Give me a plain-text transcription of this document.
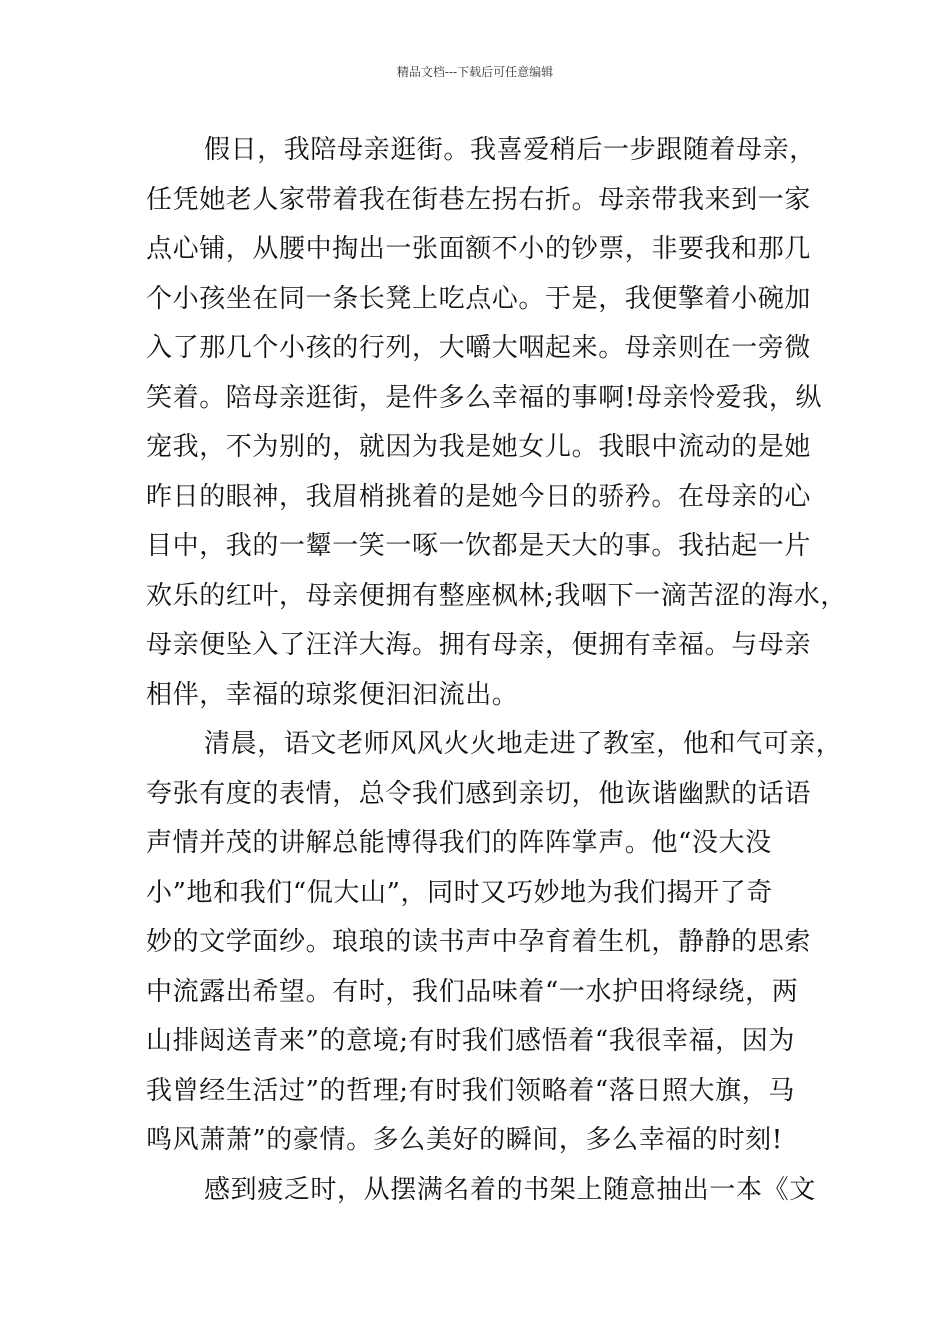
精品文档---下载后可任意编辑
假日，我陪母亲逛街。我喜爱稍后一步跟随着母亲，
任凭她老人家带着我在街巷左拐右折。母亲带我来到一家
点心铺，从腰中掏出一张面额不小的钞票，非要我和那几
个小孩坐在同一条长凳上吃点心。于是，我便擎着小碗加
入了那几个小孩的行列，大嚼大咽起来。母亲则在一旁微
笑着。陪母亲逛街，是件多么幸福的事啊!母亲怜爱我，纵
宠我，不为别的，就因为我是她女儿。我眼中流动的是她
昨日的眼神，我眉梢挑着的是她今日的骄矜。在母亲的心
目中，我的一颦一笑一啄一饮都是天大的事。我拈起一片
欢乐的红叶，母亲便拥有整座枫林;我咽下一滴苦涩的海水，
母亲便坠入了汪洋大海。拥有母亲，便拥有幸福。与母亲
相伴，幸福的琼浆便汩汩流出。
清晨，语文老师风风火火地走进了教室，他和气可亲，
夸张有度的表情，总令我们感到亲切，他诙谐幽默的话语
声情并茂的讲解总能博得我们的阵阵掌声。他“没大没
小”地和我们“侃大山”，同时又巧妙地为我们揭开了奇
妙的文学面纱。琅琅的读书声中孕育着生机，静静的思索
中流露出希望。有时，我们品味着“一水护田将绿绕，两
山排闼送青来”的意境;有时我们感悟着“我很幸福，因为
我曾经生活过”的哲理;有时我们领略着“落日照大旗，马
鸣风萧萧”的豪情。多么美好的瞬间，多么幸福的时刻!
感到疲乏时，从摆满名着的书架上随意抽出一本《文
